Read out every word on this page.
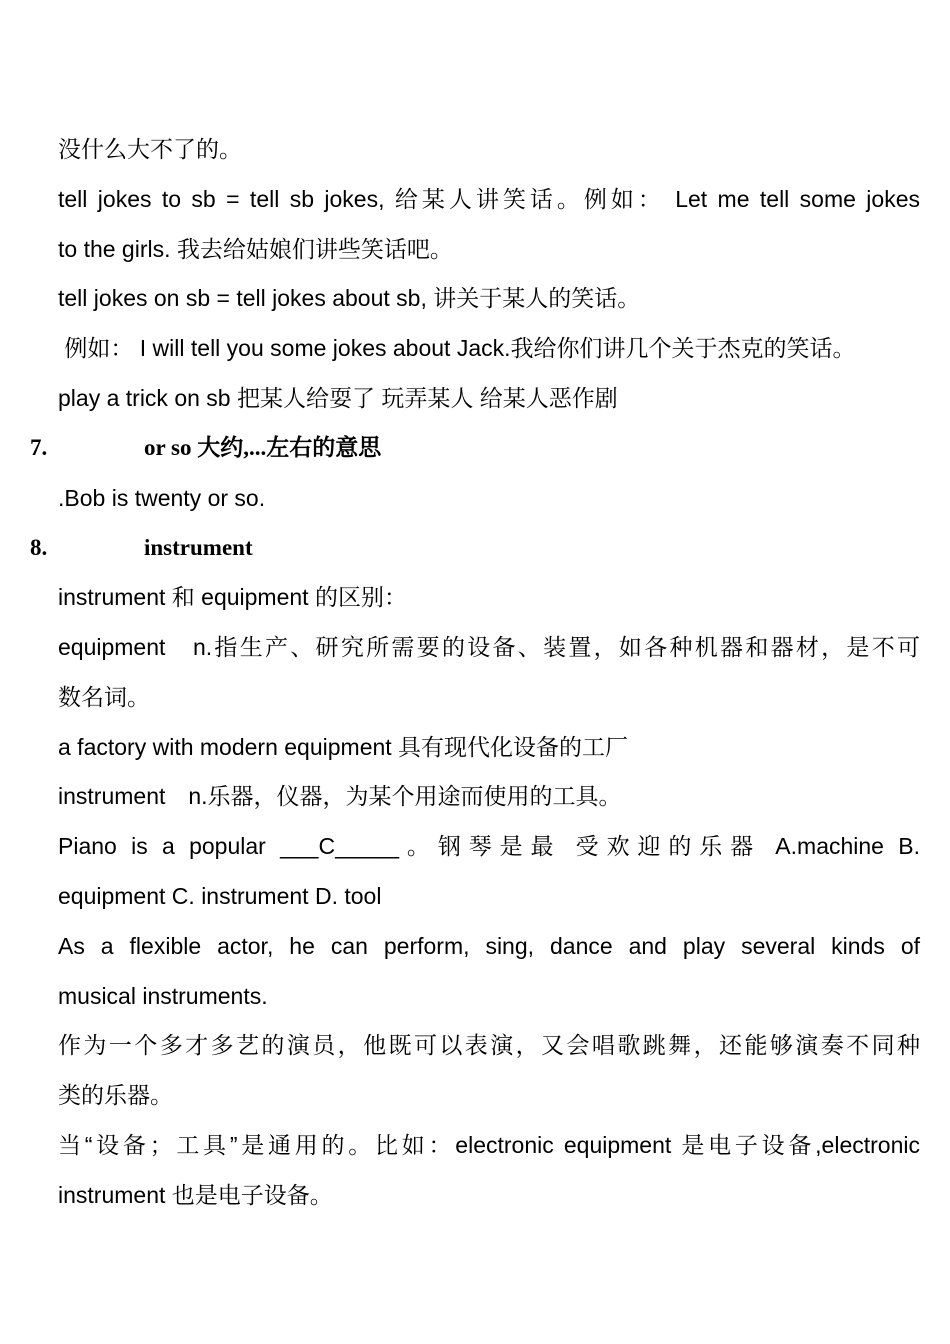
没什么大不了的。
tell jokes to sb = tell sb jokes, 给某人讲笑话。例如： Let me tell some jokes
to the girls. 我去给姑娘们讲些笑话吧。
tell jokes on sb = tell jokes about sb, 讲关于某人的笑话。
例如： I will tell you some jokes about Jack.我给你们讲几个关于杰克的笑话。
play a trick on sb 把某人给耍了 玩弄某人 给某人恶作剧
7.	or so 大约,...左右的意思
.Bob is twenty or so.
8.	instrument
instrument 和 equipment 的区别：
equipment　n.指生产、研究所需要的设备、装置，如各种机器和器材，是不可
数名词。
a factory with modern equipment 具有现代化设备的工厂
instrument　n.乐器，仪器，为某个用途而使用的工具。
Piano is a popular ___C_____。钢琴是最 受欢迎的乐器 A.machine B.
equipment C. instrument D. tool
As a flexible actor, he can perform, sing, dance and play several kinds of
musical instruments.
作为一个多才多艺的演员，他既可以表演，又会唱歌跳舞，还能够演奏不同种
类的乐器。
当“设备；工具”是通用的。比如：electronic equipment 是电子设备,electronic
instrument 也是电子设备。
